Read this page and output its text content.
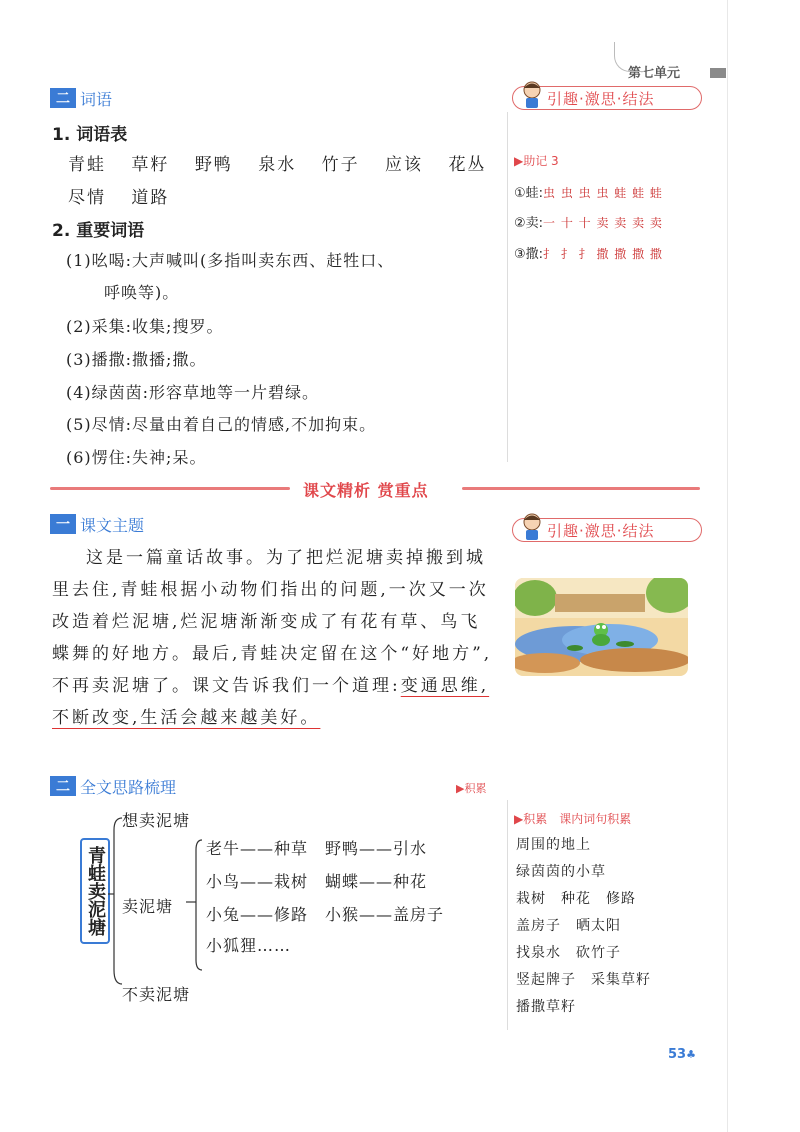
第七单元
二 词语
1. 词语表
青蛙 草籽 野鸭 泉水 竹子 应该 花丛
尽情 道路
2. 重要词语
(1)吆喝:大声喊叫(多指叫卖东西、赶牲口、
呼唤等)。
(2)采集:收集;搜罗。
(3)播撒:撒播;撒。
(4)绿茵茵:形容草地等一片碧绿。
(5)尽情:尽量由着自己的情感,不加拘束。
(6)愣住:失神;呆。
引趣·激思·结法
▶助记 3
①蛙:虫 虫 虫 虫 蛙 蛙 蛙
②卖:一 十 十 卖 卖 卖 卖
③撒:扌 扌 扌 撒 撒 撒 撒
课文精析 赏重点
一 课文主题
这是一篇童话故事。为了把烂泥塘卖掉搬到城里去住,青蛙根据小动物们指出的问题,一次又一次改造着烂泥塘,烂泥塘渐渐变成了有花有草、鸟飞蝶舞的好地方。最后,青蛙决定留在这个“好地方”,不再卖泥塘了。课文告诉我们一个道理:变通思维,不断改变,生活会越来越美好。
引趣·激思·结法
二 全文思路梳理	▶积累
青蛙卖泥塘
想卖泥塘
卖泥塘
不卖泥塘
老牛——种草　野鸭——引水
小鸟——栽树　蝴蝶——种花
小兔——修路　小猴——盖房子
小狐狸……
▶积累　课内词句积累
周围的地上
绿茵茵的小草
栽树　种花　修路
盖房子　晒太阳
找泉水　砍竹子
竖起牌子　采集草籽
播撒草籽
53♣
